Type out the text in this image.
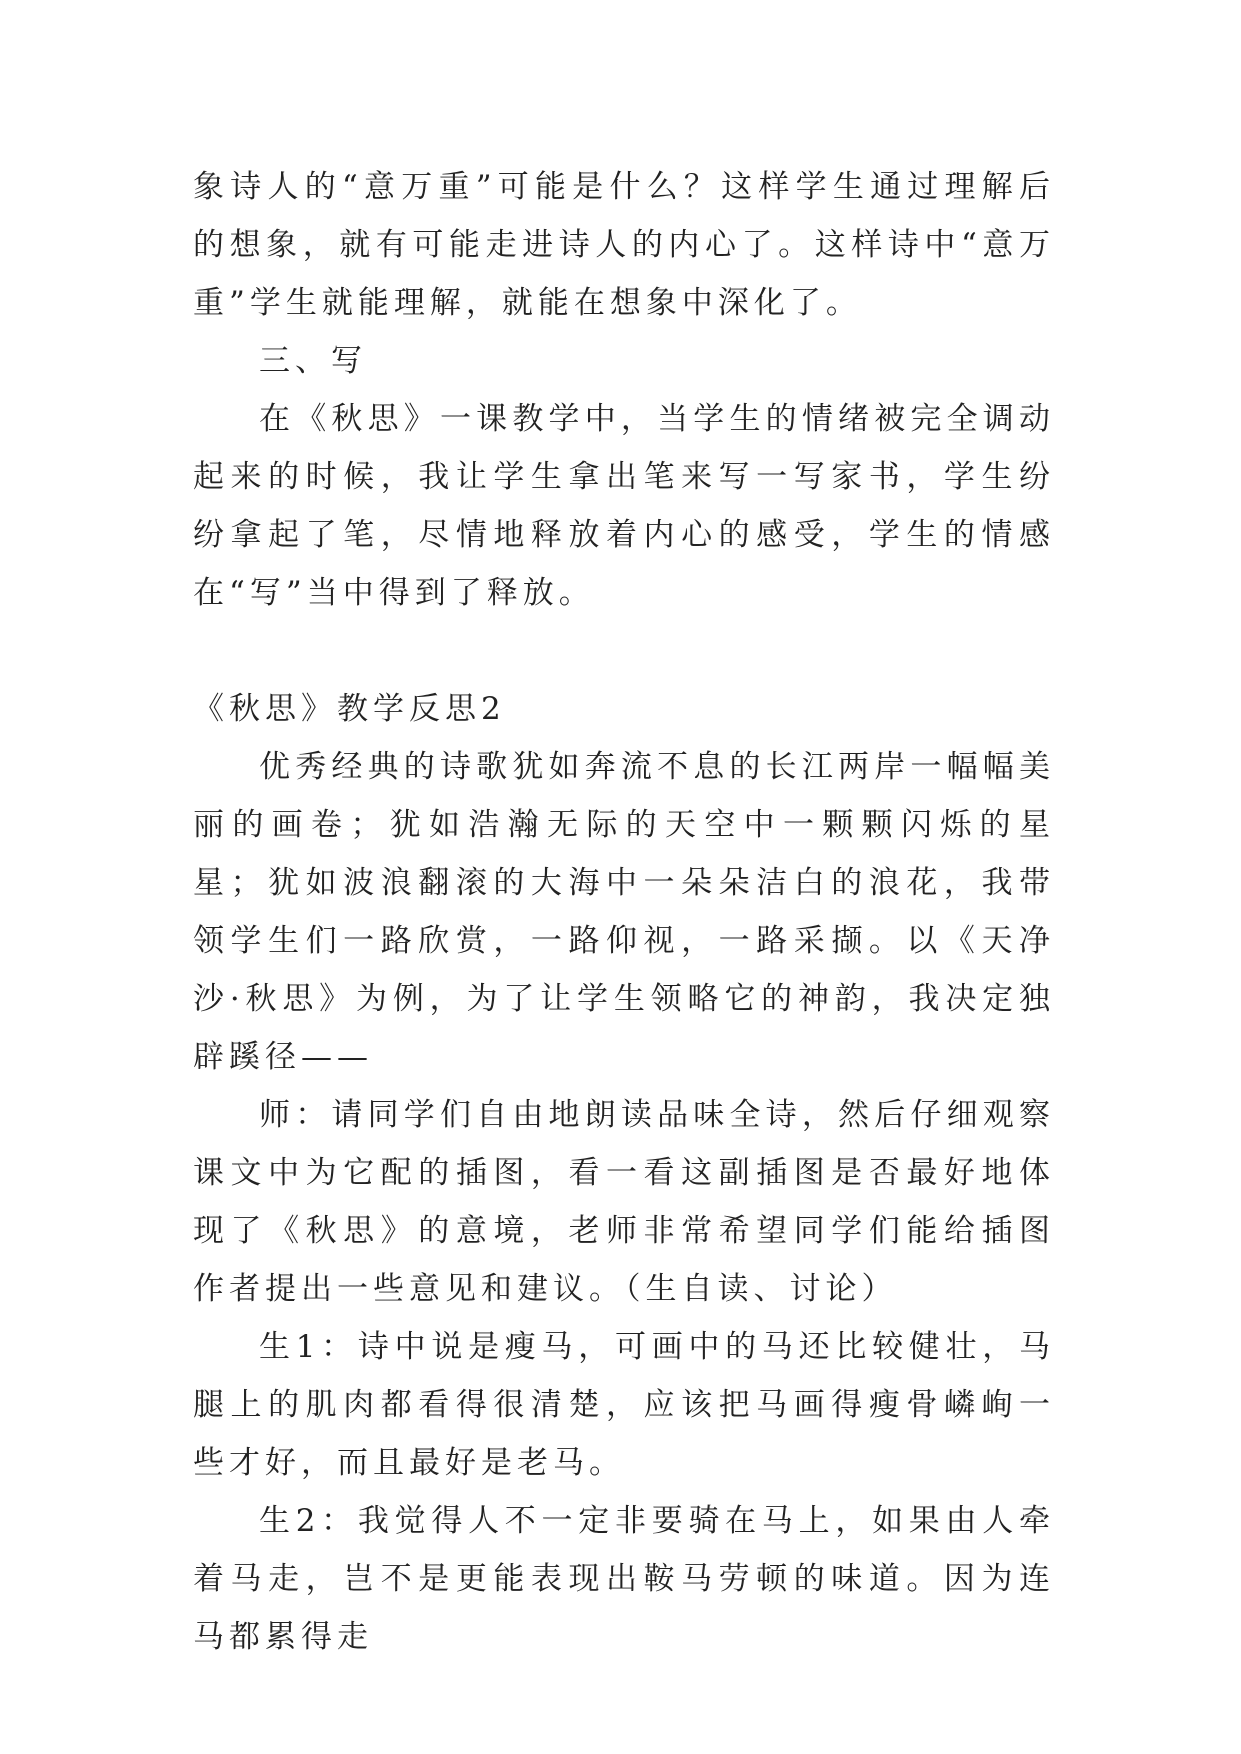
象诗人的“意万重”可能是什么？这样学生通过理解后的想象，就有可能走进诗人的内心了。这样诗中“意万重”学生就能理解，就能在想象中深化了。

三、写

在《秋思》一课教学中，当学生的情绪被完全调动起来的时候，我让学生拿出笔来写一写家书，学生纷纷拿起了笔，尽情地释放着内心的感受，学生的情感在“写”当中得到了释放。

《秋思》教学反思2

优秀经典的诗歌犹如奔流不息的长江两岸一幅幅美丽的画卷；犹如浩瀚无际的天空中一颗颗闪烁的星星；犹如波浪翻滚的大海中一朵朵洁白的浪花，我带领学生们一路欣赏，一路仰视，一路采撷。以《天净沙·秋思》为例，为了让学生领略它的神韵，我决定独辟蹊径——

师：请同学们自由地朗读品味全诗，然后仔细观察课文中为它配的插图，看一看这副插图是否最好地体现了《秋思》的意境，老师非常希望同学们能给插图作者提出一些意见和建议。（生自读、讨论）

生1：诗中说是瘦马，可画中的马还比较健壮，马腿上的肌肉都看得很清楚，应该把马画得瘦骨嶙峋一些才好，而且最好是老马。

生2：我觉得人不一定非要骑在马上，如果由人牵着马走，岂不是更能表现出鞍马劳顿的味道。因为连马都累得走
